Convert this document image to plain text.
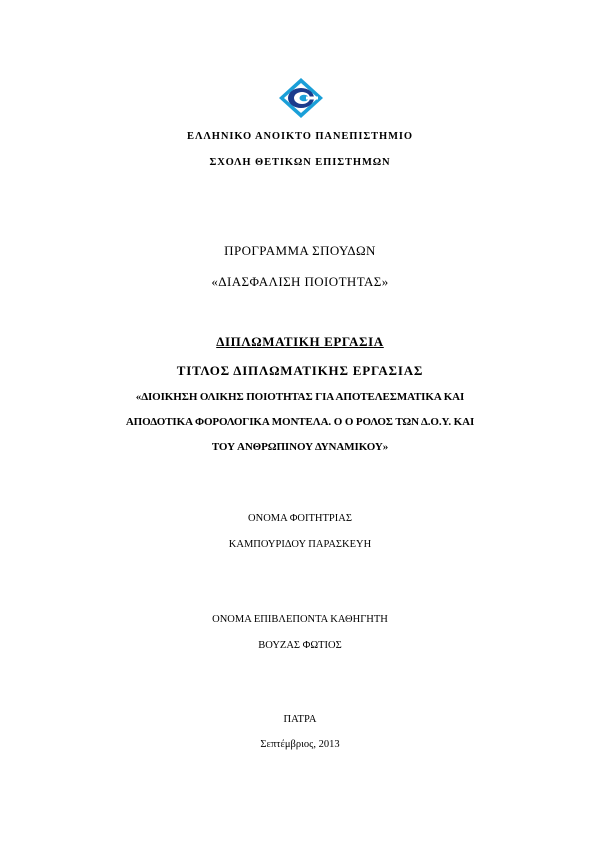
ΕΛΛΗΝΙΚΟ ΑΝΟΙΚΤΟ ΠΑΝΕΠΙΣΤΗΜΙΟ
ΣΧΟΛΗ ΘΕΤΙΚΩΝ ΕΠΙΣΤΗΜΩΝ
ΠΡΟΓΡΑΜΜΑ ΣΠΟΥΔΩΝ
«ΔΙΑΣΦΑΛΙΣΗ ΠΟΙΟΤΗΤΑΣ»
ΔΙΠΛΩΜΑΤΙΚΗ ΕΡΓΑΣΙΑ
ΤΙΤΛΟΣ ΔΙΠΛΩΜΑΤΙΚΗΣ ΕΡΓΑΣΙΑΣ
«ΔΙΟΙΚΗΣΗ ΟΛΙΚΗΣ ΠΟΙΟΤΗΤΑΣ ΓΙΑ ΑΠΟΤΕΛΕΣΜΑΤΙΚΑ ΚΑΙ
ΑΠΟΔΟΤΙΚΑ ΦΟΡΟΛΟΓΙΚΑ ΜΟΝΤΕΛΑ. Ο Ο ΡΟΛΟΣ ΤΩΝ Δ.Ο.Υ. ΚΑΙ
ΤΟΥ ΑΝΘΡΩΠΙΝΟΥ ΔΥΝΑΜΙΚΟΥ»
ΟΝΟΜΑ ΦΟΙΤΗΤΡΙΑΣ
ΚΑΜΠΟΥΡΙΔΟΥ ΠΑΡΑΣΚΕΥΗ
ΟΝΟΜΑ ΕΠΙΒΛΕΠΟΝΤΑ ΚΑΘΗΓΗΤΗ
ΒΟΥΖΑΣ ΦΩΤΙΟΣ
ΠΑΤΡΑ
Σεπτέμβριος, 2013
